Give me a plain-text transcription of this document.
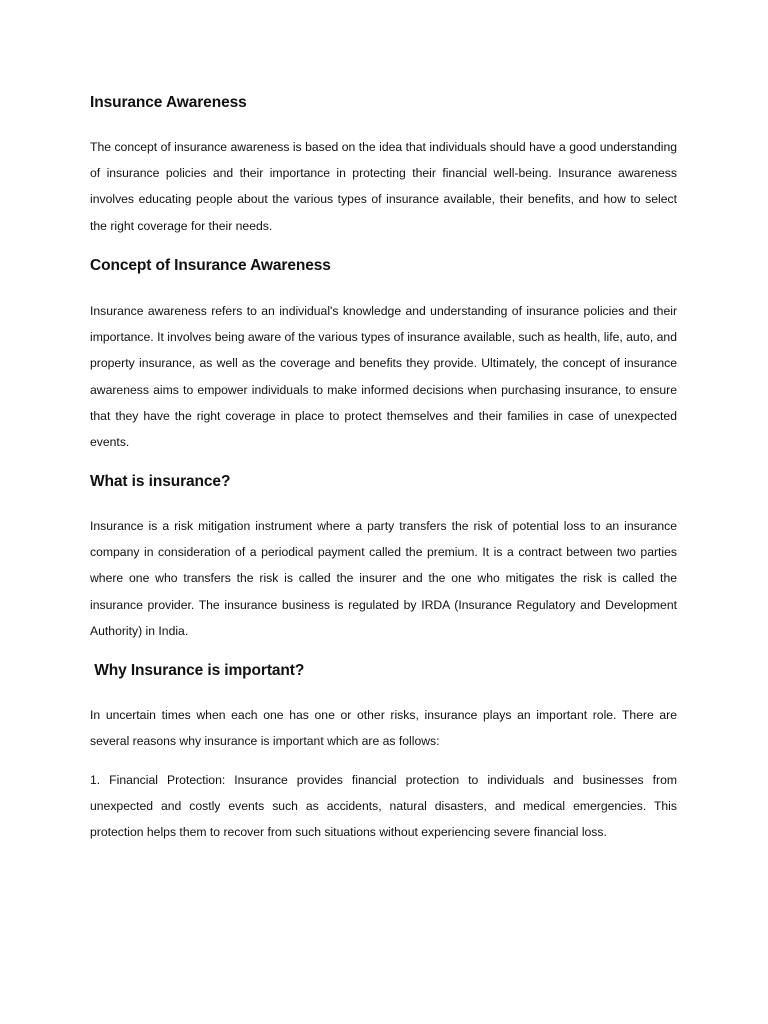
Insurance Awareness

The concept of insurance awareness is based on the idea that individuals should have a good understanding of insurance policies and their importance in protecting their financial well-being. Insurance awareness involves educating people about the various types of insurance available, their benefits, and how to select the right coverage for their needs.

Concept of Insurance Awareness

Insurance awareness refers to an individual's knowledge and understanding of insurance policies and their importance. It involves being aware of the various types of insurance available, such as health, life, auto, and property insurance, as well as the coverage and benefits they provide. Ultimately, the concept of insurance awareness aims to empower individuals to make informed decisions when purchasing insurance, to ensure that they have the right coverage in place to protect themselves and their families in case of unexpected events.

What is insurance?

Insurance is a risk mitigation instrument where a party transfers the risk of potential loss to an insurance company in consideration of a periodical payment called the premium. It is a contract between two parties where one who transfers the risk is called the insurer and the one who mitigates the risk is called the insurance provider. The insurance business is regulated by IRDA (Insurance Regulatory and Development Authority) in India.

Why Insurance is important?

In uncertain times when each one has one or other risks, insurance plays an important role. There are several reasons why insurance is important which are as follows:

1. Financial Protection: Insurance provides financial protection to individuals and businesses from unexpected and costly events such as accidents, natural disasters, and medical emergencies. This protection helps them to recover from such situations without experiencing severe financial loss.
